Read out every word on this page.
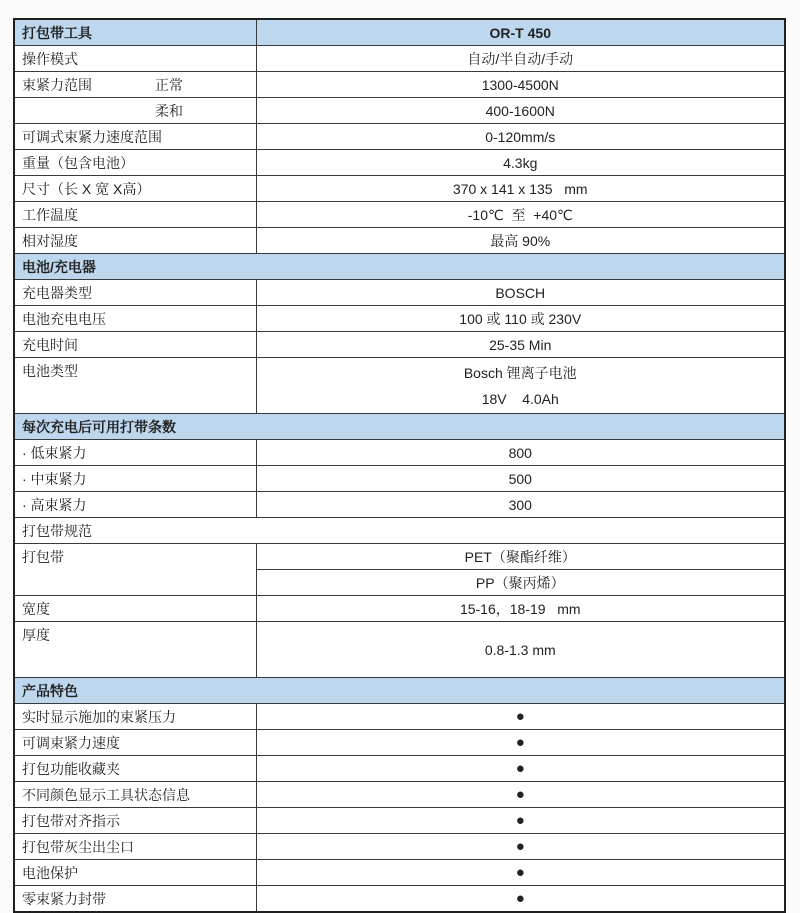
打包带工具	OR-T 450
操作模式	自动/半自动/手动
束紧力范围 正常	1300-4500N

柔和	400-1600N
可调式束紧力速度范围	0-120mm/s
重量（包含电池）	4.3kg
尺寸（长 X 宽 X高）	370 x 141 x 135   mm
工作温度	-10℃  至  +40℃
相对湿度	最高 90%
电池/充电器	
充电器类型	BOSCH
电池充电电压	100 或 110 或 230V
充电时间	25-35 Min
电池类型	Bosch 锂离子电池
18V    4.0Ah

每次充电后可用打带条数	
· 低束紧力	800
· 中束紧力	500
· 高束紧力	300
打包带规范	
打包带	PET（聚酯纤维）
	PP（聚丙烯）
宽度	15-16，18-19   mm
厚度	0.8-1.3 mm
产品特色	
实时显示施加的束紧压力	●
可调束紧力速度	●
打包功能收藏夹	●
不同颜色显示工具状态信息	●
打包带对齐指示	●
打包带灰尘出尘口	●
电池保护	●
零束紧力封带	●
